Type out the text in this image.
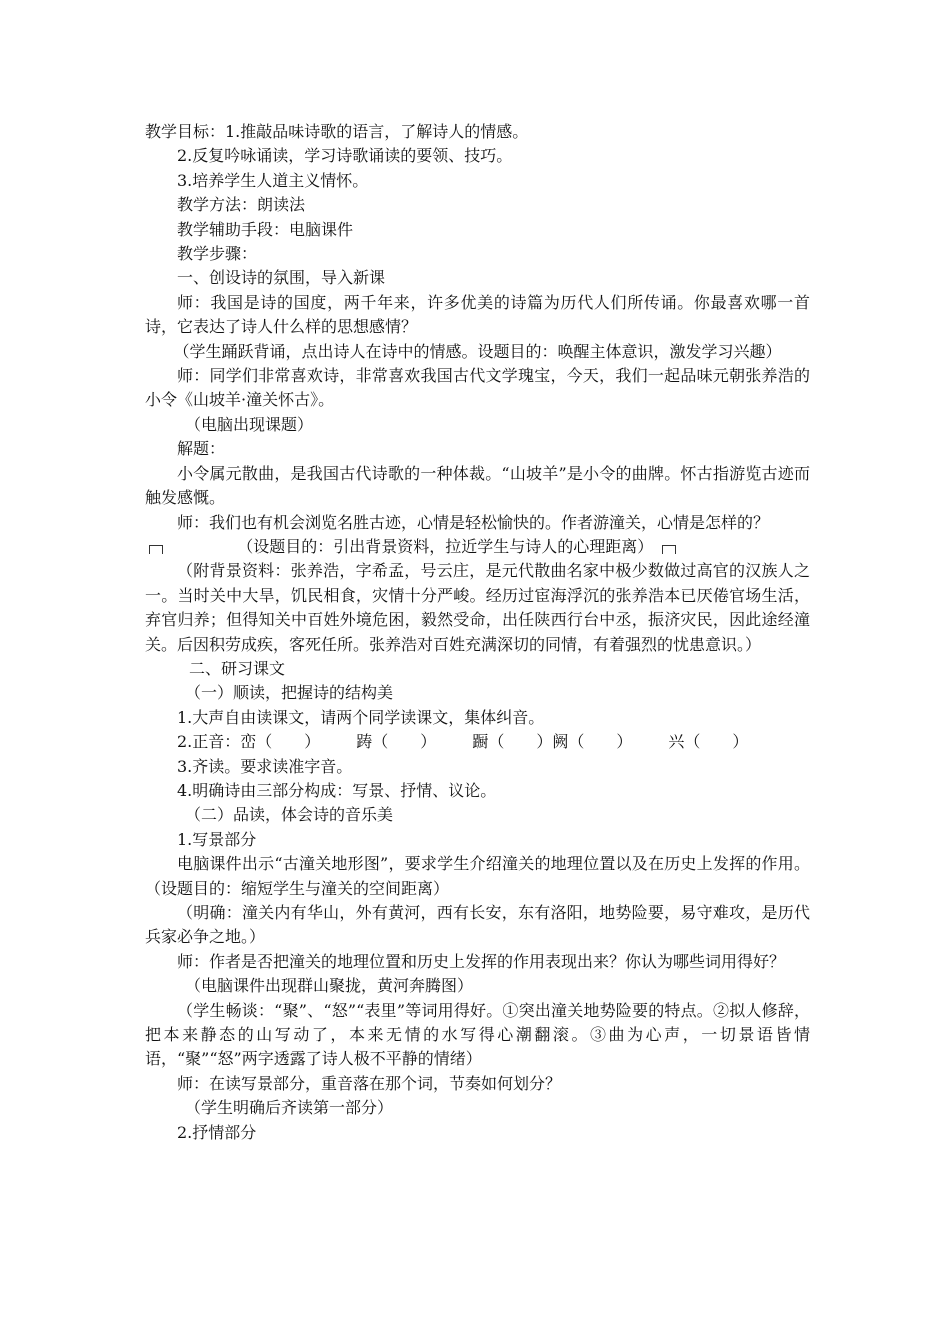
教学目标：1.推敲品味诗歌的语言，了解诗人的情感。

2.反复吟咏诵读，学习诗歌诵读的要领、技巧。

3.培养学生人道主义情怀。

教学方法：朗读法

教学辅助手段：电脑课件

教学步骤：

一、创设诗的氛围，导入新课

师：我国是诗的国度，两千年来，许多优美的诗篇为历代人们所传诵。你最喜欢哪一首诗，它表达了诗人什么样的思想感情？

（学生踊跃背诵，点出诗人在诗中的情感。设题目的：唤醒主体意识，激发学习兴趣）

师：同学们非常喜欢诗，非常喜欢我国古代文学瑰宝，今天，我们一起品味元朝张养浩的小令《山坡羊·潼关怀古》。

（电脑出现课题）

解题：

小令属元散曲，是我国古代诗歌的一种体裁。“山坡羊”是小令的曲牌。怀古指游览古迹而触发感慨。

师：我们也有机会浏览名胜古迹，心情是轻松愉快的。作者游潼关，心情是怎样的？

（设题目的：引出背景资料，拉近学生与诗人的心理距离）

（附背景资料：张养浩，字希孟，号云庄，是元代散曲名家中极少数做过高官的汉族人之一。当时关中大旱，饥民相食，灾情十分严峻。经历过宦海浮沉的张养浩本已厌倦官场生活，弃官归养；但得知关中百姓外境危困，毅然受命，出任陕西行台中丞，振济灾民，因此途经潼关。后因积劳成疾，客死任所。张养浩对百姓充满深切的同情，有着强烈的忧患意识。）

二、研习课文

（一）顺读，把握诗的结构美

1.大声自由读课文，请两个同学读课文，集体纠音。

2.正音：峦（　　） 踌（　　） 蹰（　　）阙（　　） 兴（　　）

3.齐读。要求读准字音。

4.明确诗由三部分构成：写景、抒情、议论。

（二）品读，体会诗的音乐美

1.写景部分

电脑课件出示“古潼关地形图”，要求学生介绍潼关的地理位置以及在历史上发挥的作用。（设题目的：缩短学生与潼关的空间距离）

（明确：潼关内有华山，外有黄河，西有长安，东有洛阳，地势险要，易守难攻，是历代兵家必争之地。）

师：作者是否把潼关的地理位置和历史上发挥的作用表现出来？你认为哪些词用得好？

（电脑课件出现群山聚拢，黄河奔腾图）

（学生畅谈：“聚”、“怒”“表里”等词用得好。①突出潼关地势险要的特点。②拟人修辞，把本来静态的山写动了，本来无情的水写得心潮翻滚。③曲为心声，一切景语皆情语，“聚”“怒”两字透露了诗人极不平静的情绪）

师：在读写景部分，重音落在那个词，节奏如何划分？

（学生明确后齐读第一部分）

2.抒情部分
